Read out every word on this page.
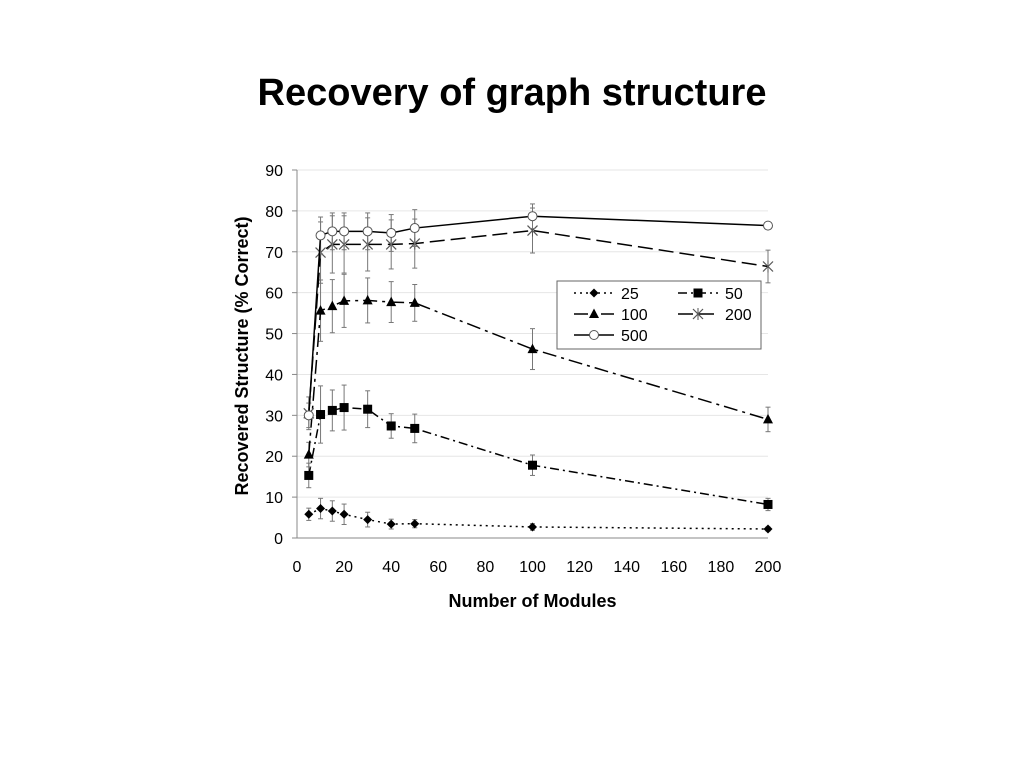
Recovery of graph structure
0
10
20
30
40
50
60
70
80
90
0 20 40 60 80 100 120 140 160 180 200
25	50
100	200
500
Number of Modules
Recovered Structure (% Correct)
